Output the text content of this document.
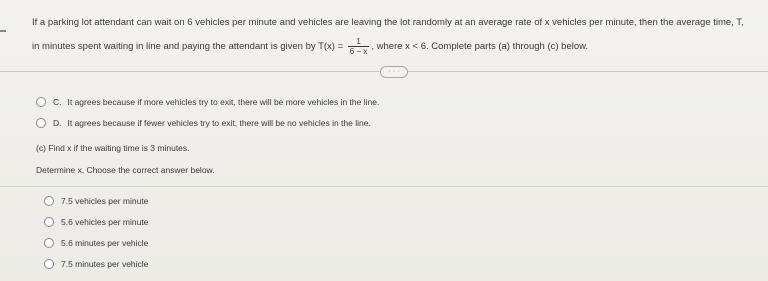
If a parking lot attendant can wait on 6 vehicles per minute and vehicles are leaving the lot randomly at an average rate of x vehicles per minute, then the average time, T,
in minutes spent waiting in line and paying the attendant is given by $T(x) = \frac{1}{6 - x}$ , where x < 6. Complete parts (a) through (c) below.
· · ·
C. It agrees because if more vehicles try to exit, there will be more vehicles in the line.
D. It agrees because if fewer vehicles try to exit, there will be no vehicles in the line.
(c) Find x if the waiting time is 3 minutes.
Determine x. Choose the correct answer below.
7.5 vehicles per minute
5.6 vehicles per minute
5.6 minutes per vehicle
7.5 minutes per vehicle
